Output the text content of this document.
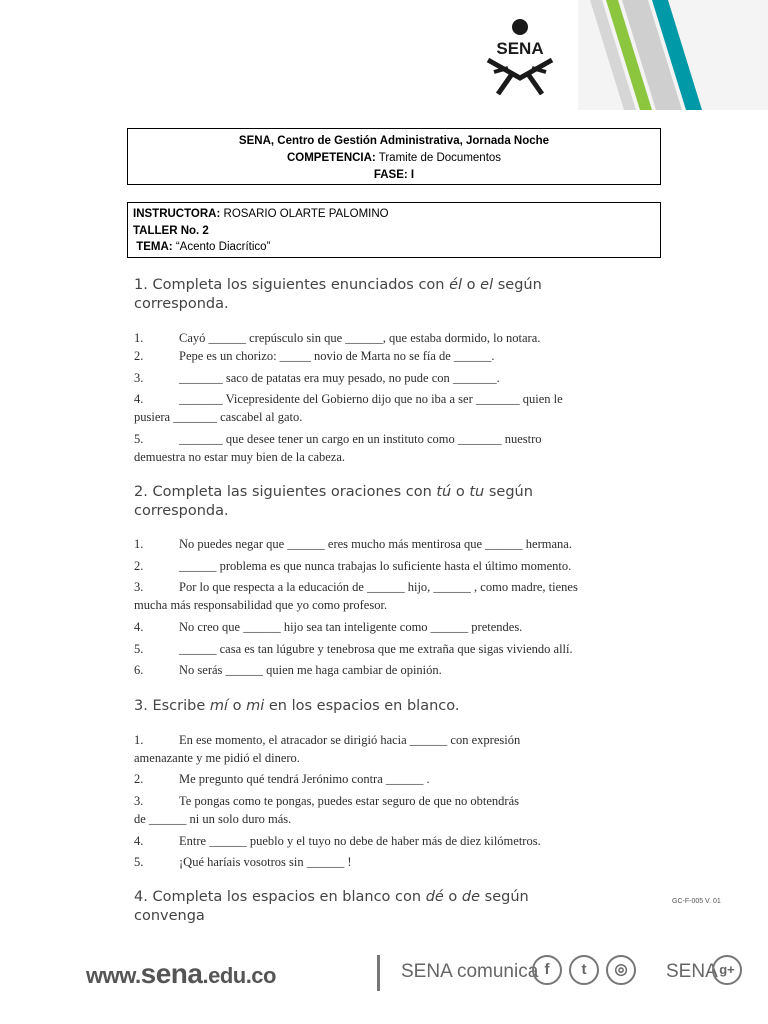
SENA
SENA, Centro de Gestión Administrativa, Jornada Noche
COMPETENCIA: Tramite de Documentos
FASE: I
INSTRUCTORA: ROSARIO OLARTE PALOMINO
TALLER No. 2
TEMA: “Acento Diacrítico”
1. Completa los siguientes enunciados con él o el según
corresponda.
1.	Cayó ______ crepúsculo sin que ______, que estaba dormido, lo notara.
2.	Pepe es un chorizo: _____ novio de Marta no se fía de ______.
3.	_______ saco de patatas era muy pesado, no pude con _______.
4.	_______ Vicepresidente del Gobierno dijo que no iba a ser _______ quien le
pusiera _______ cascabel al gato.
5.	_______ que desee tener un cargo en un instituto como _______ nuestro
demuestra no estar muy bien de la cabeza.
2. Completa las siguientes oraciones con tú o tu según
corresponda.
1.	No puedes negar que ______ eres mucho más mentirosa que ______ hermana.
2.	______ problema es que nunca trabajas lo suficiente hasta el último momento.
3.	Por lo que respecta a la educación de ______ hijo, ______ , como madre, tienes
mucha más responsabilidad que yo como profesor.
4.	No creo que ______ hijo sea tan inteligente como ______ pretendes.
5.	______ casa es tan lúgubre y tenebrosa que me extraña que sigas viviendo allí.
6.	No serás ______ quien me haga cambiar de opinión.
3. Escribe mí o mi en los espacios en blanco.
1.	En ese momento, el atracador se dirigió hacia ______ con expresión
amenazante y me pidió el dinero.
2.	Me pregunto qué tendrá Jerónimo contra ______ .
3.	Te pongas como te pongas, puedes estar seguro de que no obtendrás
de ______ ni un solo duro más.
4.	Entre ______ pueblo y el tuyo no debe de haber más de diez kilómetros.
5.	¡Qué haríais vosotros sin ______ !
4. Completa los espacios en blanco con dé o de según
convenga
GC-F-005 V. 01
www.sena.edu.co	SENA comunica f	t	◎	SENA g+
